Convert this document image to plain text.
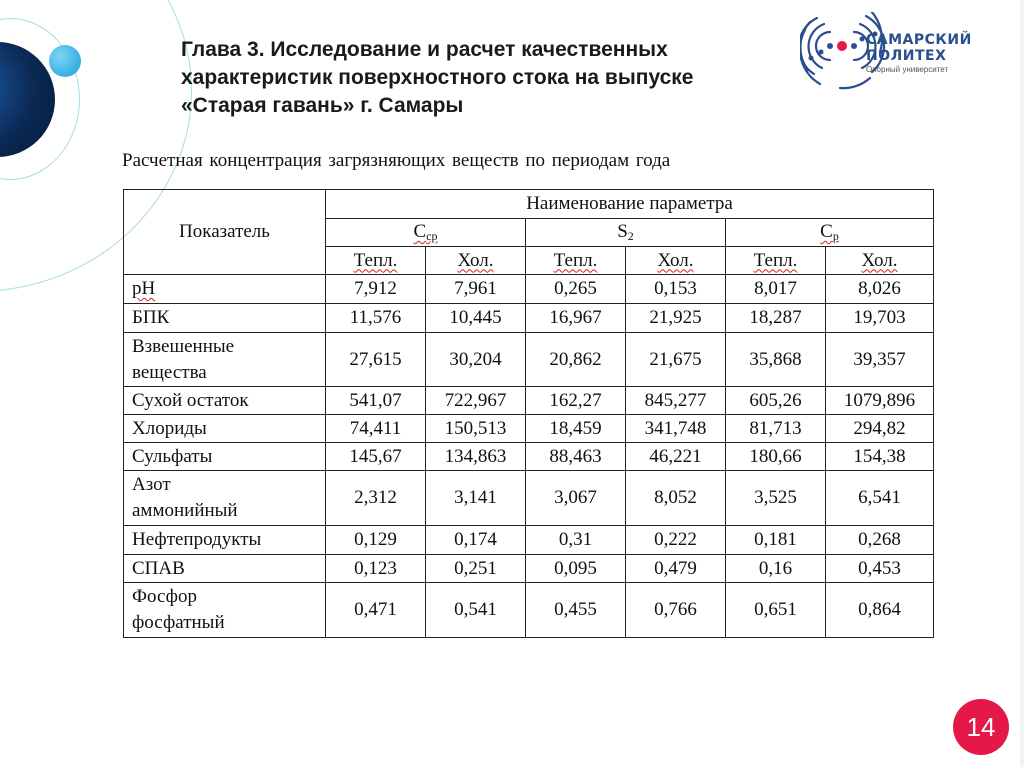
Глава 3. Исследование и расчет качественных
характеристик поверхностного стока на выпуске
«Старая гавань» г. Самары
САМАРСКИЙ
ПОЛИТЕХ
Опорный университет
Расчетная концентрация загрязняющих веществ по периодам года
Показатель	Наименование параметра					
	$C_{ср}$		$S_2$		$C_p$
	Тепл.	Хол.	Тепл.	Хол.	Тепл.	Хол.
pH	7,912	7,961	0,265	0,153	8,017	8,026
БПК	11,576	10,445	16,967	21,925	18,287	19,703

Взвешенные
вещества	27,615	30,204	20,862	21,675	35,868	39,357
Сухой остаток	541,07	722,967	162,27	845,277	605,26	1079,896
Хлориды	74,411	150,513	18,459	341,748	81,713	294,82
Сульфаты	145,67	134,863	88,463	46,221	180,66	154,38

Азот
аммонийный	2,312	3,141	3,067	8,052	3,525	6,541
Нефтепродукты	0,129	0,174	0,31	0,222	0,181	0,268
СПАВ	0,123	0,251	0,095	0,479	0,16	0,453

Фосфор
фосфатный	0,471	0,541	0,455	0,766	0,651	0,864
14
